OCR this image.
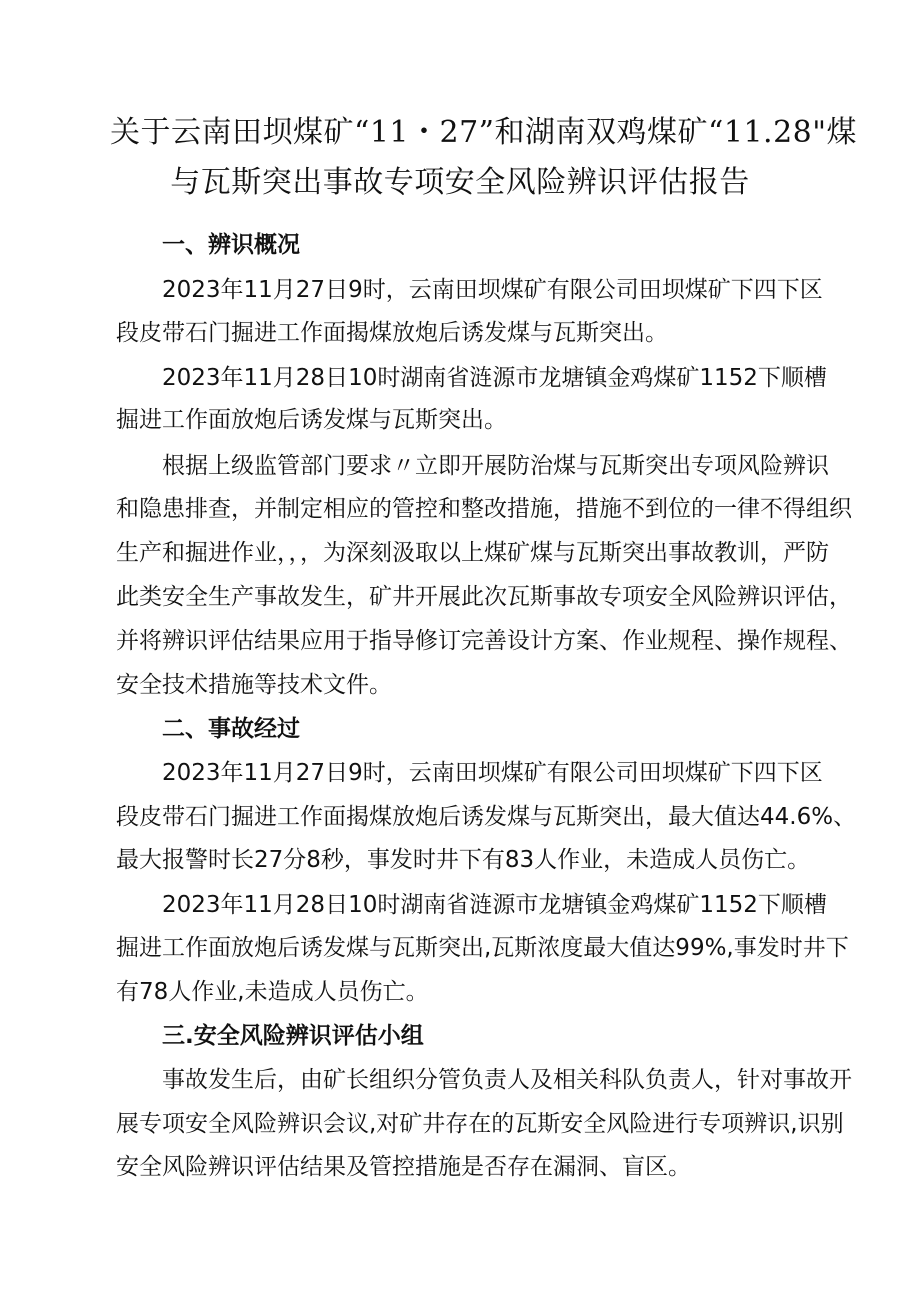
关于云南田坝煤矿“11・27”和湖南双鸡煤矿“11.28"煤
与瓦斯突出事故专项安全风险辨识评估报告
一、辨识概况
2023年11月27日9时，云南田坝煤矿有限公司田坝煤矿下四下区
段皮带石门掘进工作面揭煤放炮后诱发煤与瓦斯突出。
2023年11月28日10时湖南省涟源市龙塘镇金鸡煤矿1152下顺槽
掘进工作面放炮后诱发煤与瓦斯突出。
根据上级监管部门要求〃立即开展防治煤与瓦斯突出专项风险辨识
和隐患排查，并制定相应的管控和整改措施，措施不到位的一律不得组织
生产和掘进作业，，，为深刻汲取以上煤矿煤与瓦斯突出事故教训，严防
此类安全生产事故发生，矿井开展此次瓦斯事故专项安全风险辨识评估，
并将辨识评估结果应用于指导修订完善设计方案、作业规程、操作规程、
安全技术措施等技术文件。
二、事故经过
2023年11月27日9时，云南田坝煤矿有限公司田坝煤矿下四下区
段皮带石门掘进工作面揭煤放炮后诱发煤与瓦斯突出，最大值达44.6%、
最大报警时长27分8秒，事发时井下有83人作业，未造成人员伤亡。
2023年11月28日10时湖南省涟源市龙塘镇金鸡煤矿1152下顺槽
掘进工作面放炮后诱发煤与瓦斯突出,瓦斯浓度最大值达99%,事发时井下
有78人作业,未造成人员伤亡。
三.安全风险辨识评估小组
事故发生后，由矿长组织分管负责人及相关科队负责人，针对事故开
展专项安全风险辨识会议,对矿井存在的瓦斯安全风险进行专项辨识,识别
安全风险辨识评估结果及管控措施是否存在漏洞、盲区。
